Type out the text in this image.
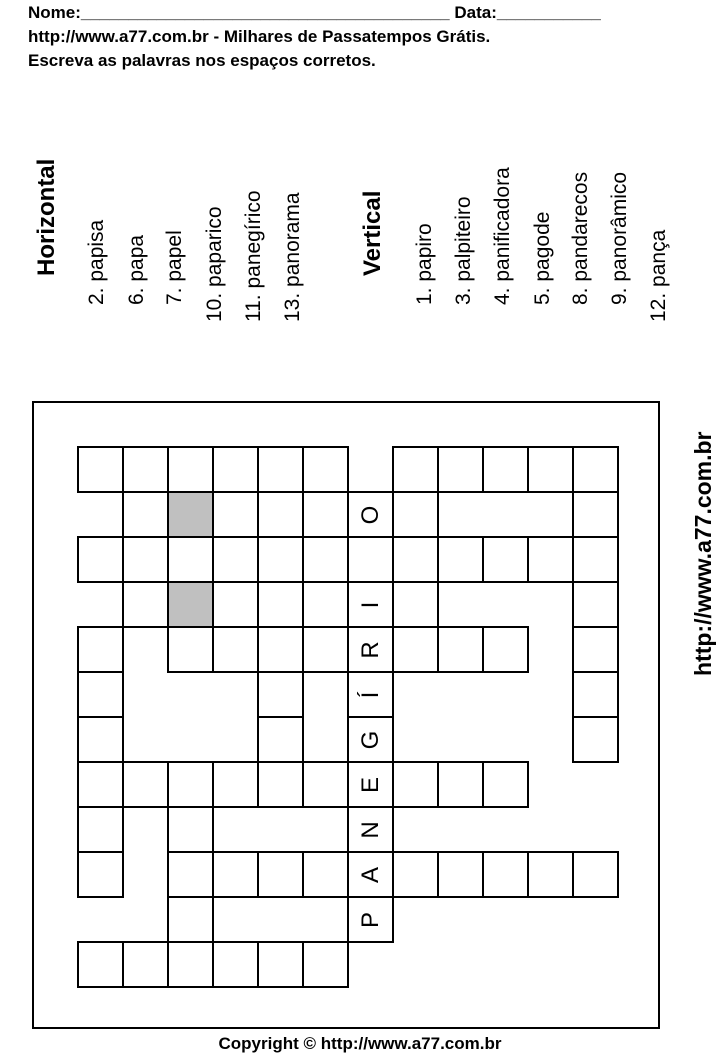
Nome:_______________________________________ Data:___________
http://www.a77.com.br - Milhares de Passatempos Grátis.
Escreva as palavras nos espaços corretos.
Horizontal 2. papisa 6. papa 7. papel 10. paparico 11. panegírico 13. panorama Vertical 1. papiro 3. palpiteiro 4. panificadora 5. pagode 8. pandarecos 9. panorâmico 12. pança
O
I
R
Í
G
E
N
A
P
http://www.a77.com.br
Copyright © http://www.a77.com.br
